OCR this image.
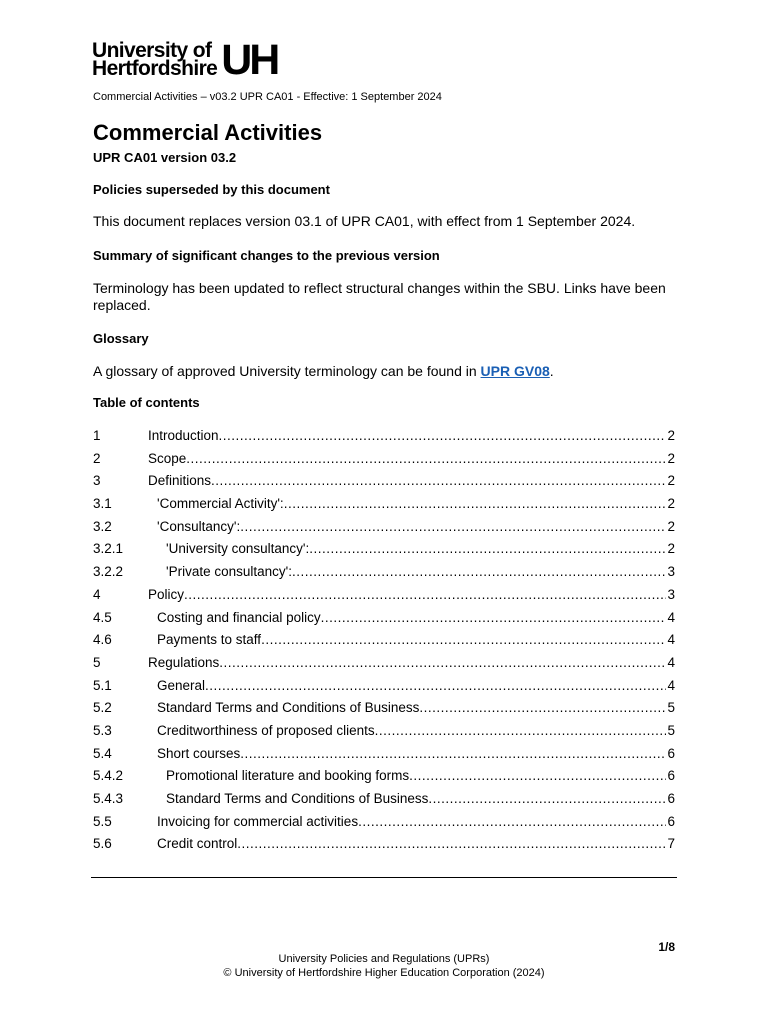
University of
Hertfordshire UH
Commercial Activities – v03.2 UPR CA01 - Effective: 1 September 2024
Commercial Activities
UPR CA01 version 03.2
Policies superseded by this document
This document replaces version 03.1 of UPR CA01, with effect from 1 September 2024.
Summary of significant changes to the previous version
Terminology has been updated to reflect structural changes within the SBU. Links have been replaced.
Glossary
A glossary of approved University terminology can be found in UPR GV08.
Table of contents
1	Introduction .....	2
2	Scope .....	2
3	Definitions .....	2
3.1	'Commercial Activity': .....	2
3.2	'Consultancy': .....	2
3.2.1	'University consultancy': .....	2
3.2.2	'Private consultancy': .....	3
4	Policy .....	3
4.5	Costing and financial policy .....	4
4.6	Payments to staff .....	4
5	Regulations .....	4
5.1	General .....	4
5.2	Standard Terms and Conditions of Business .....	5
5.3	Creditworthiness of proposed clients .....	5
5.4	Short courses .....	6
5.4.2	Promotional literature and booking forms .....	6
5.4.3	Standard Terms and Conditions of Business .....	6
5.5	Invoicing for commercial activities .....	6
5.6	Credit control .....	7
1/8
University Policies and Regulations (UPRs)
© University of Hertfordshire Higher Education Corporation (2024)
